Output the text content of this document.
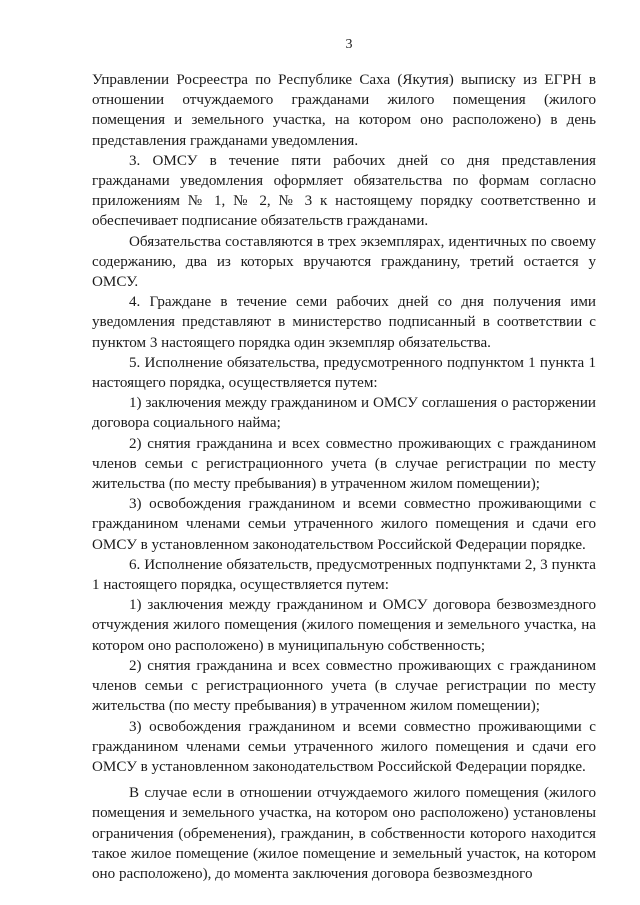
3

Управлении Росреестра по Республике Саха (Якутия) выписку из ЕГРН в отношении отчуждаемого гражданами жилого помещения (жилого помещения и земельного участка, на котором оно расположено) в день представления гражданами уведомления.

3. ОМСУ в течение пяти рабочих дней со дня представления гражданами уведомления оформляет обязательства по формам согласно приложениям № 1, № 2, № 3 к настоящему порядку соответственно и обеспечивает подписание обязательств гражданами.

Обязательства составляются в трех экземплярах, идентичных по своему содержанию, два из которых вручаются гражданину, третий остается у ОМСУ.

4. Граждане в течение семи рабочих дней со дня получения ими уведомления представляют в министерство подписанный в соответствии с пунктом 3 настоящего порядка один экземпляр обязательства.

5. Исполнение обязательства, предусмотренного подпунктом 1 пункта 1 настоящего порядка, осуществляется путем:

1) заключения между гражданином и ОМСУ соглашения о расторжении договора социального найма;

2) снятия гражданина и всех совместно проживающих с гражданином членов семьи с регистрационного учета (в случае регистрации по месту жительства (по месту пребывания) в утраченном жилом помещении);

3) освобождения гражданином и всеми совместно проживающими с гражданином членами семьи утраченного жилого помещения и сдачи его ОМСУ в установленном законодательством Российской Федерации порядке.

6. Исполнение обязательств, предусмотренных подпунктами 2, 3 пункта 1 настоящего порядка, осуществляется путем:

1) заключения между гражданином и ОМСУ договора безвозмездного отчуждения жилого помещения (жилого помещения и земельного участка, на котором оно расположено) в муниципальную собственность;

2) снятия гражданина и всех совместно проживающих с гражданином членов семьи с регистрационного учета (в случае регистрации по месту жительства (по месту пребывания) в утраченном жилом помещении);

3) освобождения гражданином и всеми совместно проживающими с гражданином членами семьи утраченного жилого помещения и сдачи его ОМСУ в установленном законодательством Российской Федерации порядке.

В случае если в отношении отчуждаемого жилого помещения (жилого помещения и земельного участка, на котором оно расположено) установлены ограничения (обременения), гражданин, в собственности которого находится такое жилое помещение (жилое помещение и земельный участок, на котором оно расположено), до момента заключения договора безвозмездного
